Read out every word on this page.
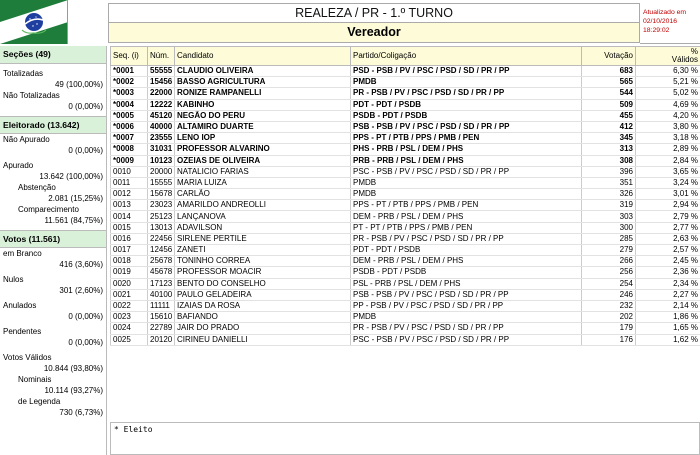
REALEZA / PR - 1.º TURNO
Vereador
Atualizado em
02/10/2016
18:29:02
Seções (49)
Totalizadas
49 (100,00%)
Não Totalizadas
0 (0,00%)
Eleitorado (13.642)
Não Apurado
0 (0,00%)
Apurado
13.642 (100,00%)
Abstenção
2.081 (15,25%)
Comparecimento
11.561 (84,75%)
Votos (11.561)
em Branco
416 (3,60%)
Nulos
301 (2,60%)
Anulados
0 (0,00%)
Pendentes
0 (0,00%)
Votos Válidos
10.844 (93,80%)
Nominais
10.114 (93,27%)
de Legenda
730 (6,73%)
Seq. (i)	Núm.	Candidato	Partido/Coligação	Votação	%
Válidos

*0001	55555	CLAUDIO OLIVEIRA	PSD - PSB / PV / PSC / PSD / SD / PR / PP	683	6,30 %
*0002	15456	BASSO AGRICULTURA	PMDB	565	5,21 %
*0003	22000	RONIZE RAMPANELLI	PR - PSB / PV / PSC / PSD / SD / PR / PP	544	5,02 %
*0004	12222	KABINHO	PDT - PDT / PSDB	509	4,69 %
*0005	45120	NEGÃO DO PERU	PSDB - PDT / PSDB	455	4,20 %
*0006	40000	ALTAMIRO DUARTE	PSB - PSB / PV / PSC / PSD / SD / PR / PP	412	3,80 %
*0007	23555	LENO IOP	PPS - PT / PTB / PPS / PMB / PEN	345	3,18 %
*0008	31031	PROFESSOR ALVARINO	PHS - PRB / PSL / DEM / PHS	313	2,89 %
*0009	10123	OZEIAS DE OLIVEIRA	PRB - PRB / PSL / DEM / PHS	308	2,84 %
0010	20000	NATALICIO FARIAS	PSC - PSB / PV / PSC / PSD / SD / PR / PP	396	3,65 %
0011	15555	MARIA LUIZA	PMDB	351	3,24 %
0012	15678	CARLÃO	PMDB	326	3,01 %
0013	23023	AMARILDO ANDREOLLI	PPS - PT / PTB / PPS / PMB / PEN	319	2,94 %
0014	25123	LANÇANOVA	DEM - PRB / PSL / DEM / PHS	303	2,79 %
0015	13013	ADAVILSON	PT - PT / PTB / PPS / PMB / PEN	300	2,77 %
0016	22456	SIRLENE PERTILE	PR - PSB / PV / PSC / PSD / SD / PR / PP	285	2,63 %
0017	12456	ZANETI	PDT - PDT / PSDB	279	2,57 %
0018	25678	TONINHO CORREA	DEM - PRB / PSL / DEM / PHS	266	2,45 %
0019	45678	PROFESSOR MOACIR	PSDB - PDT / PSDB	256	2,36 %
0020	17123	BENTO DO CONSELHO	PSL - PRB / PSL / DEM / PHS	254	2,34 %
0021	40100	PAULO GELADEIRA	PSB - PSB / PV / PSC / PSD / SD / PR / PP	246	2,27 %
0022	11111	IZAIAS DA ROSA	PP - PSB / PV / PSC / PSD / SD / PR / PP	232	2,14 %
0023	15610	BAFIANDO	PMDB	202	1,86 %
0024	22789	JAIR DO PRADO	PR - PSB / PV / PSC / PSD / SD / PR / PP	179	1,65 %
0025	20120	CIRINEU DANIELLI	PSC - PSB / PV / PSC / PSD / SD / PR / PP	176	1,62 %
* Eleito
